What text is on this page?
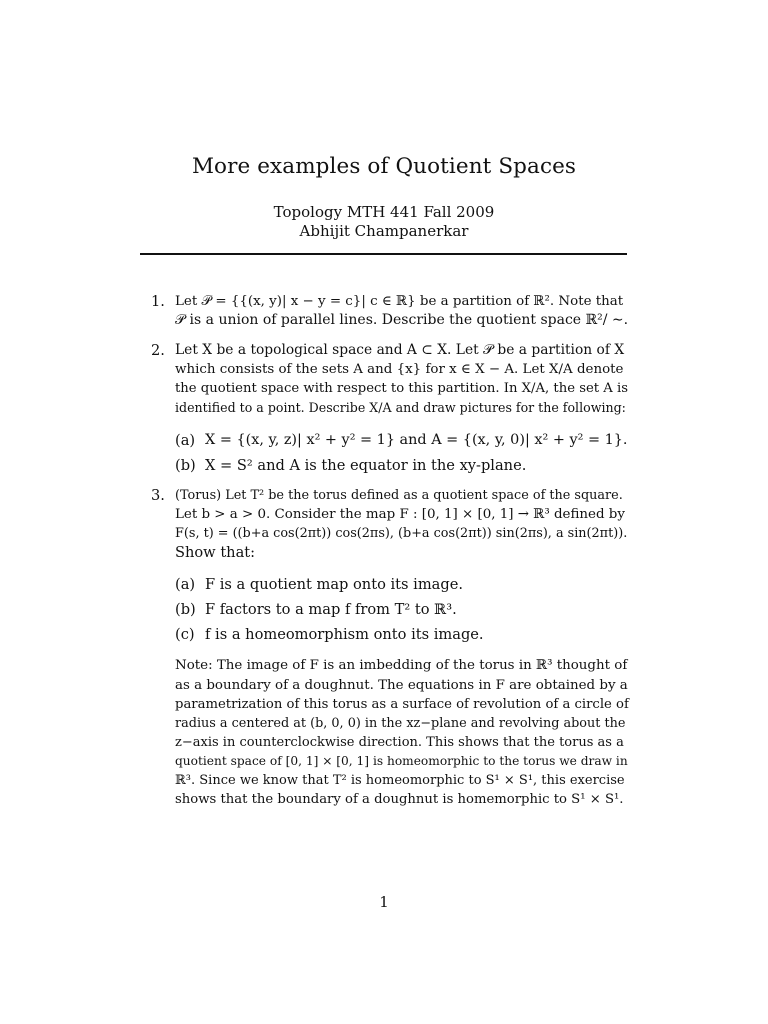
More examples of Quotient Spaces
Topology MTH 441 Fall 2009
Abhijit Champanerkar
1. Let 𝒫 = {{(x, y)| x − y = c}| c ∈ ℝ} be a partition of ℝ². Note that
𝒫 is a union of parallel lines. Describe the quotient space ℝ²/ ∼.
2. Let X be a topological space and A ⊂ X. Let 𝒫 be a partition of X
which consists of the sets A and {x} for x ∈ X − A. Let X/A denote
the quotient space with respect to this partition. In X/A, the set A is
identified to a point. Describe X/A and draw pictures for the following:
(a) X = {(x, y, z)| x² + y² = 1} and A = {(x, y, 0)| x² + y² = 1}.
(b) X = S² and A is the equator in the xy-plane.
3. (Torus) Let T² be the torus defined as a quotient space of the square.
Let b > a > 0. Consider the map F : [0, 1] × [0, 1] → ℝ³ defined by
F(s, t) = ((b+a cos(2πt)) cos(2πs), (b+a cos(2πt)) sin(2πs), a sin(2πt)).
Show that:
(a) F is a quotient map onto its image.
(b) F factors to a map f from T² to ℝ³.
(c) f is a homeomorphism onto its image.
Note: The image of F is an imbedding of the torus in ℝ³ thought of
as a boundary of a doughnut. The equations in F are obtained by a
parametrization of this torus as a surface of revolution of a circle of
radius a centered at (b, 0, 0) in the xz−plane and revolving about the
z−axis in counterclockwise direction. This shows that the torus as a
quotient space of [0, 1] × [0, 1] is homeomorphic to the torus we draw in
ℝ³. Since we know that T² is homeomorphic to S¹ × S¹, this exercise
shows that the boundary of a doughnut is homemorphic to S¹ × S¹.
1
